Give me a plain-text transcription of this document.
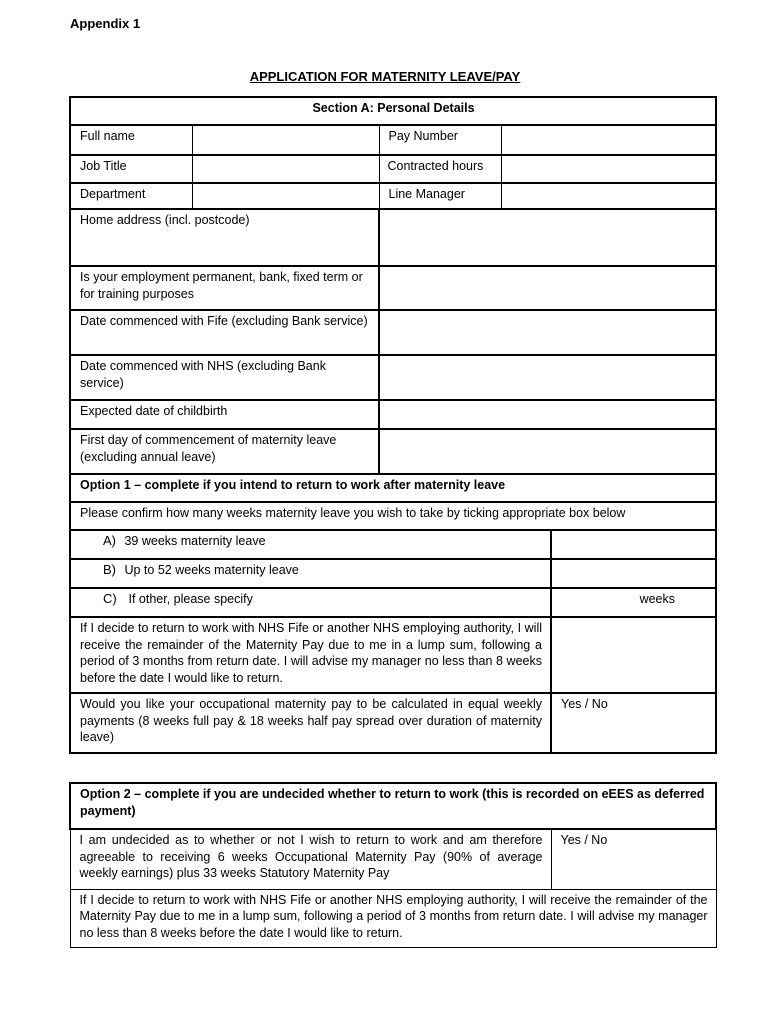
Appendix 1
APPLICATION FOR MATERNITY LEAVE/PAY
Section A: Personal Details				
Full name		Pay Number		
Job Title		Contracted hours		
Department		Line Manager		
Home address (incl. postcode)				
Is your employment permanent, bank, fixed term or for training purposes				
Date commenced with Fife (excluding Bank service)				
Date commenced with NHS (excluding Bank service)				
Expected date of childbirth				
First day of commencement of maternity leave (excluding annual leave)				
Option 1 – complete if you intend to return to work after maternity leave				
Please confirm how many weeks maternity leave you wish to take by ticking appropriate box below				
A) 39 weeks maternity leave				
B) Up to 52 weeks maternity leave				
C) If other, please specify				weeks
If I decide to return to work with NHS Fife or another NHS employing authority, I will receive the remainder of the Maternity Pay due to me in a lump sum, following a period of 3 months from return date. I will advise my manager no less than 8 weeks before the date I would like to return.				
Would you like your occupational maternity pay to be calculated in equal weekly payments (8 weeks full pay & 18 weeks half pay spread over duration of maternity leave)				Yes / No
Option 2 – complete if you are undecided whether to return to work (this is recorded on eEES as deferred payment)
I am undecided as to whether or not I wish to return to work and am therefore agreeable to receiving 6 weeks Occupational Maternity Pay (90% of average weekly earnings) plus 33 weeks Statutory Maternity Pay	Yes / No
If I decide to return to work with NHS Fife or another NHS employing authority, I will receive the remainder of the Maternity Pay due to me in a lump sum, following a period of 3 months from return date. I will advise my manager no less than 8 weeks before the date I would like to return.
